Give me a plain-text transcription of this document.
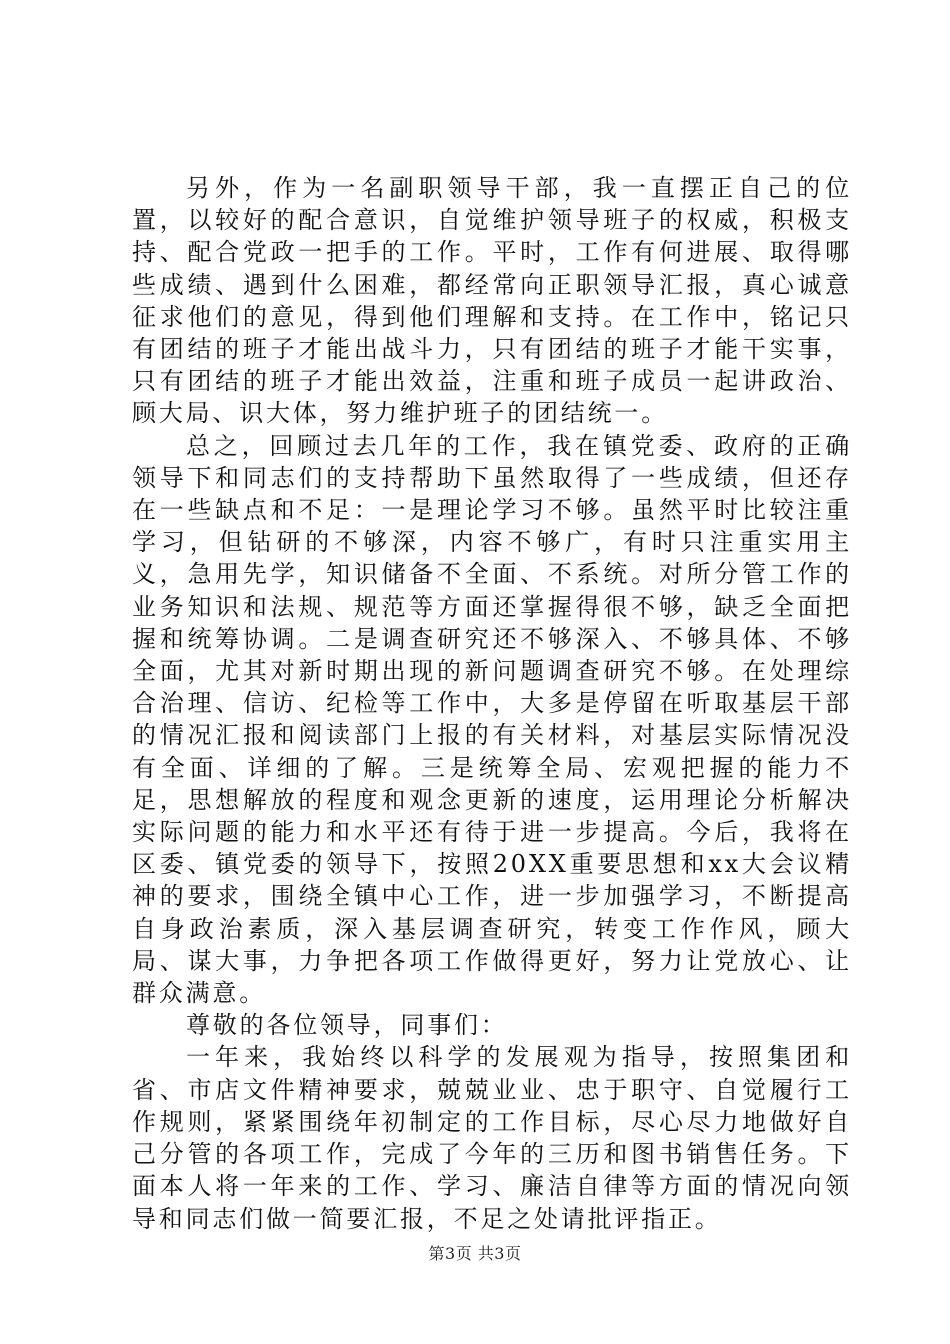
另外，作为一名副职领导干部，我一直摆正自己的位置，以较好的配合意识，自觉维护领导班子的权威，积极支持、配合党政一把手的工作。平时，工作有何进展、取得哪些成绩、遇到什么困难，都经常向正职领导汇报，真心诚意征求他们的意见，得到他们理解和支持。在工作中，铭记只有团结的班子才能出战斗力，只有团结的班子才能干实事，只有团结的班子才能出效益，注重和班子成员一起讲政治、顾大局、识大体，努力维护班子的团结统一。

总之，回顾过去几年的工作，我在镇党委、政府的正确领导下和同志们的支持帮助下虽然取得了一些成绩，但还存在一些缺点和不足：一是理论学习不够。虽然平时比较注重学习，但钻研的不够深，内容不够广，有时只注重实用主义，急用先学，知识储备不全面、不系统。对所分管工作的业务知识和法规、规范等方面还掌握得很不够，缺乏全面把握和统筹协调。二是调查研究还不够深入、不够具体、不够全面，尤其对新时期出现的新问题调查研究不够。在处理综合治理、信访、纪检等工作中，大多是停留在听取基层干部的情况汇报和阅读部门上报的有关材料，对基层实际情况没有全面、详细的了解。三是统筹全局、宏观把握的能力不足，思想解放的程度和观念更新的速度，运用理论分析解决实际问题的能力和水平还有待于进一步提高。今后，我将在区委、镇党委的领导下，按照20XX重要思想和xx大会议精神的要求，围绕全镇中心工作，进一步加强学习，不断提高自身政治素质，深入基层调查研究，转变工作作风，顾大局、谋大事，力争把各项工作做得更好，努力让党放心、让群众满意。

尊敬的各位领导，同事们：

一年来，我始终以科学的发展观为指导，按照集团和省、市店文件精神要求，兢兢业业、忠于职守、自觉履行工作规则，紧紧围绕年初制定的工作目标，尽心尽力地做好自己分管的各项工作，完成了今年的三历和图书销售任务。下面本人将一年来的工作、学习、廉洁自律等方面的情况向领导和同志们做一简要汇报，不足之处请批评指正。

第3页 共3页
